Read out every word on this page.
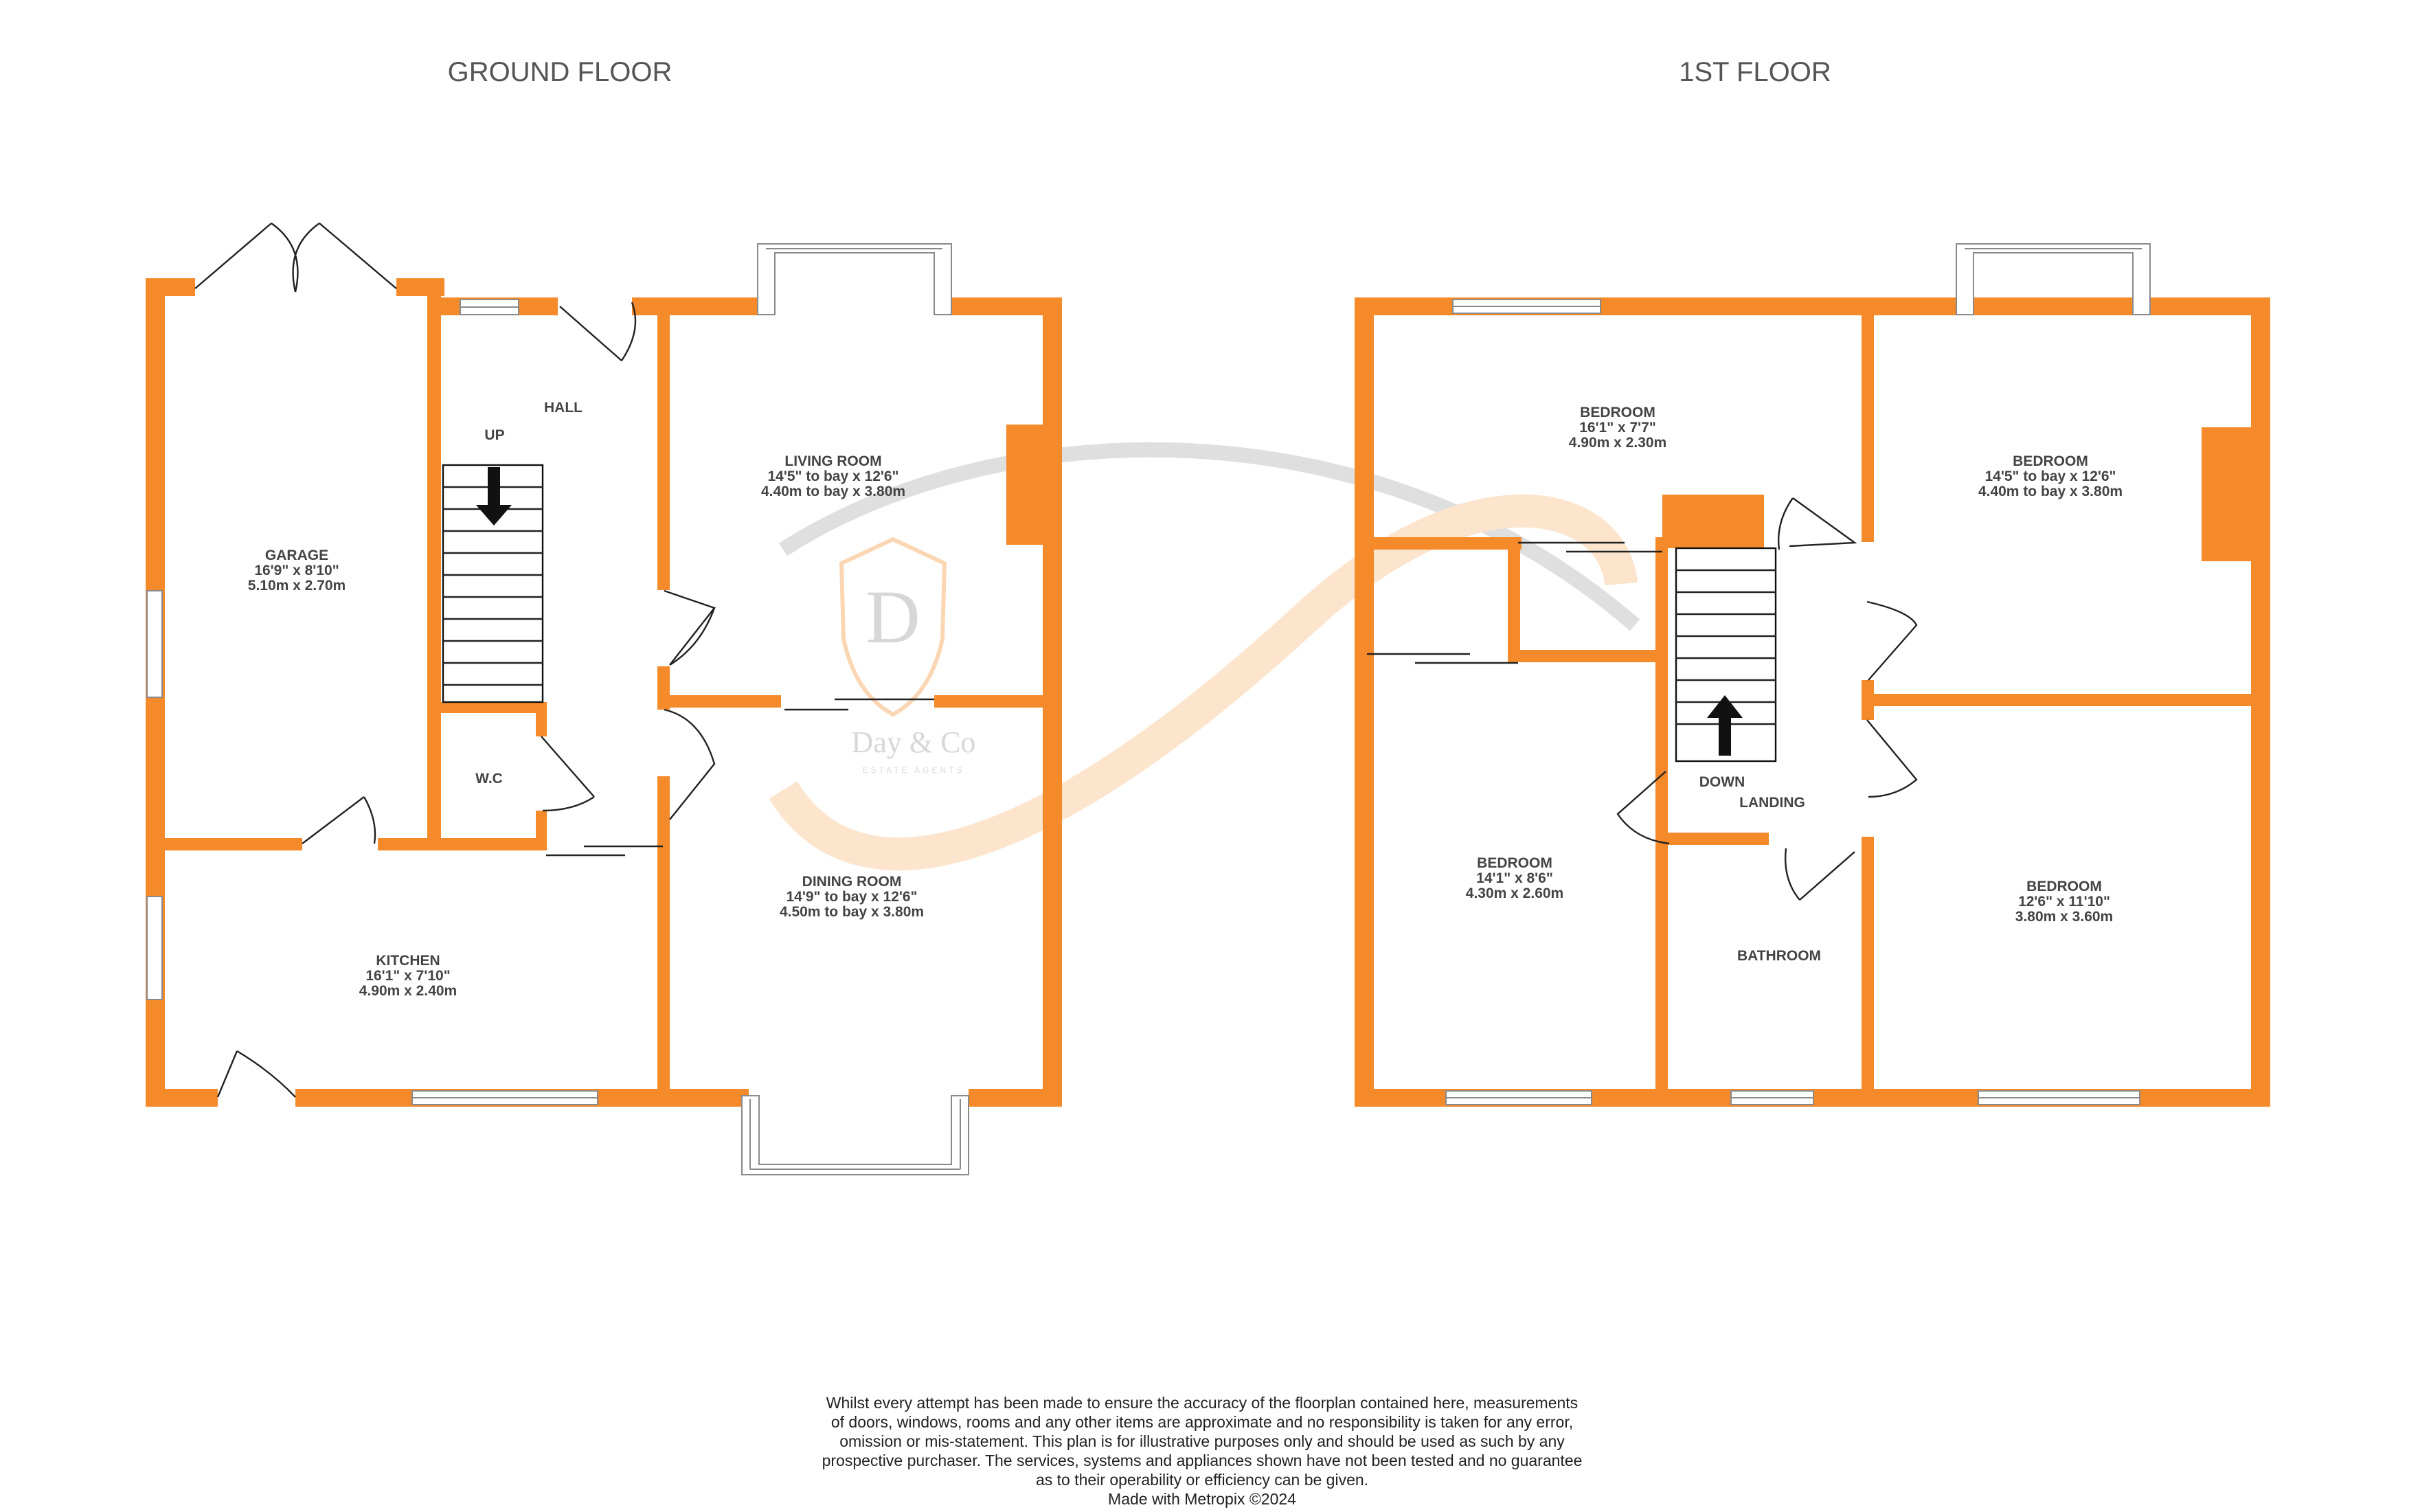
D
Day & Co
ESTATE AGENTS
GROUND FLOOR	1ST FLOOR
UP
HALL
GARAGE
16'9" x 8'10"
5.10m x 2.70m
LIVING ROOM
14'5" to bay x 12'6"
4.40m to bay x 3.80m
W.C
DINING ROOM
14'9" to bay x 12'6"
4.50m to bay x 3.80m
KITCHEN
16'1" x 7'10"
4.90m x 2.40m
BEDROOM
16'1" x 7'7"
4.90m x 2.30m
BEDROOM
14'5" to bay x 12'6"
4.40m to bay x 3.80m
DOWN
LANDING
BEDROOM
14'1" x 8'6"
4.30m x 2.60m
BATHROOM
BEDROOM
12'6" x 11'10"
3.80m x 3.60m
Whilst every attempt has been made to ensure the accuracy of the floorplan contained here, measurements
of doors, windows, rooms and any other items are approximate and no responsibility is taken for any error,
omission or mis-statement. This plan is for illustrative purposes only and should be used as such by any
prospective purchaser. The services, systems and appliances shown have not been tested and no guarantee
as to their operability or efficiency can be given.
Made with Metropix ©2024
